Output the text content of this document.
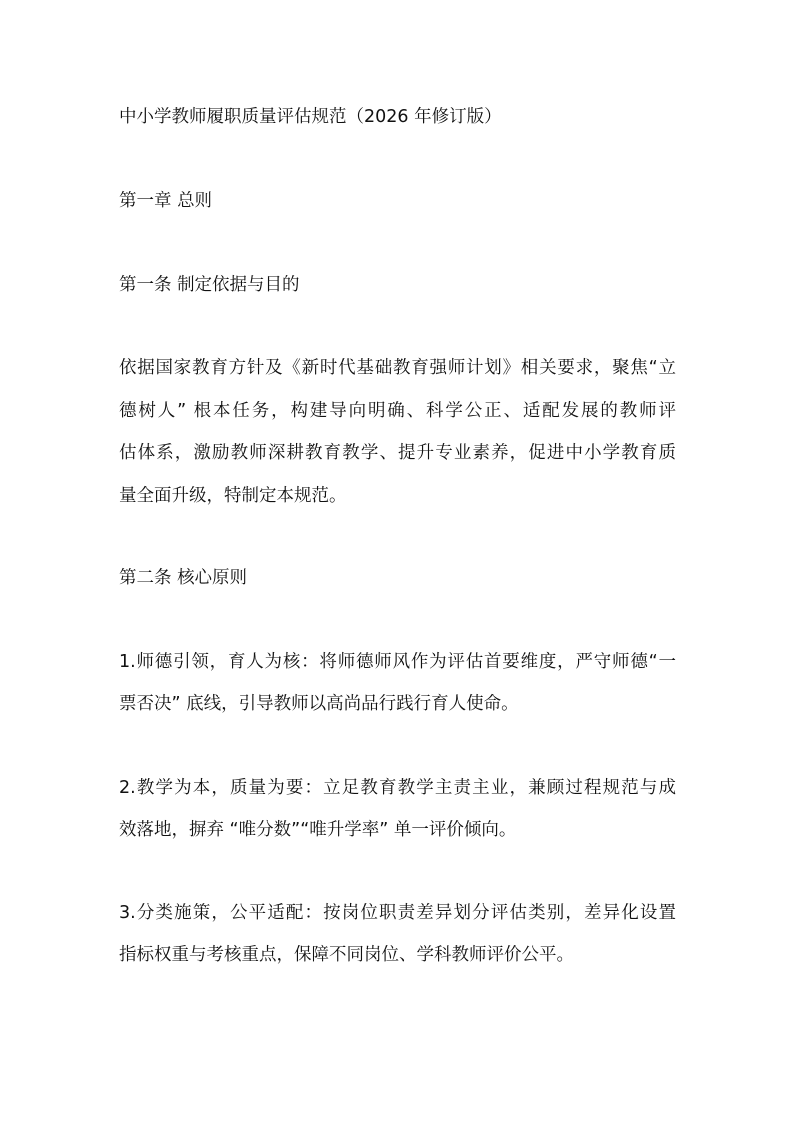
中小学教师履职质量评估规范（2026 年修订版）
第一章 总则
第一条 制定依据与目的
依据国家教育方针及《新时代基础教育强师计划》相关要求，聚焦“立
德树人” 根本任务，构建导向明确、科学公正、适配发展的教师评
估体系，激励教师深耕教育教学、提升专业素养，促进中小学教育质
量全面升级，特制定本规范。
第二条 核心原则
1.师德引领，育人为核：将师德师风作为评估首要维度，严守师德“一
票否决” 底线，引导教师以高尚品行践行育人使命。
2.教学为本，质量为要：立足教育教学主责主业，兼顾过程规范与成
效落地，摒弃 “唯分数”“唯升学率” 单一评价倾向。
3.分类施策，公平适配：按岗位职责差异划分评估类别，差异化设置
指标权重与考核重点，保障不同岗位、学科教师评价公平。
